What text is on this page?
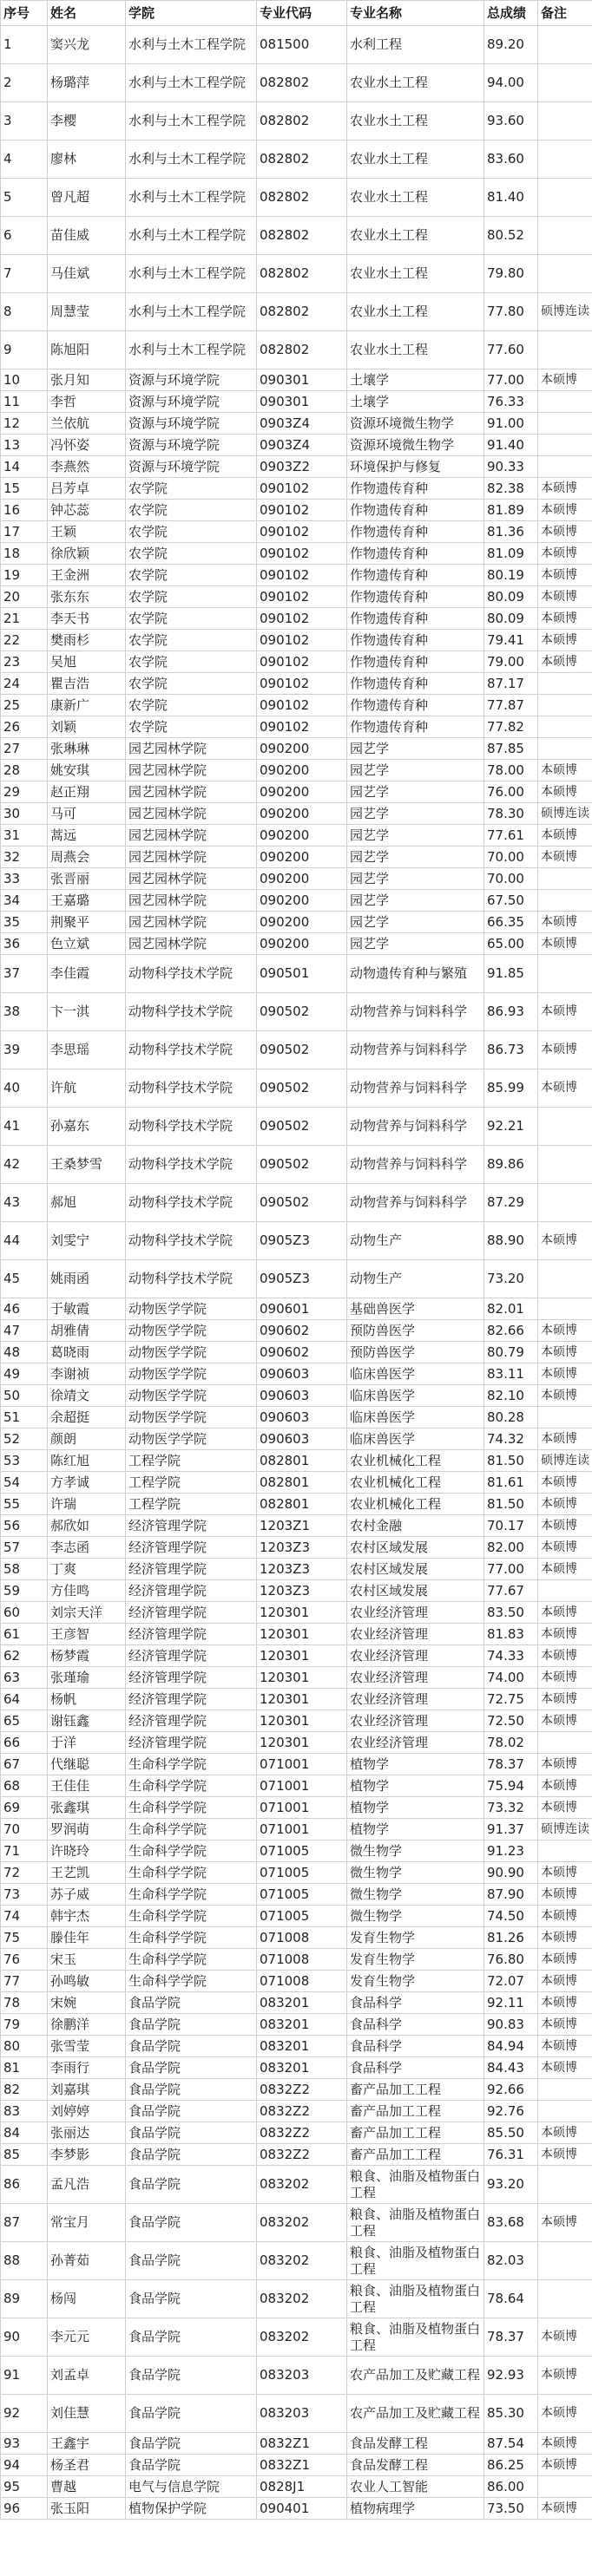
序号	姓名	学院	专业代码	专业名称	总成绩	备注
1	窦兴龙	水利与土木工程学院	081500	水利工程	89.20	
2	杨璐萍	水利与土木工程学院	082802	农业水土工程	94.00	
3	李樱	水利与土木工程学院	082802	农业水土工程	93.60	
4	廖林	水利与土木工程学院	082802	农业水土工程	83.60	
5	曾凡超	水利与土木工程学院	082802	农业水土工程	81.40	
6	苗佳威	水利与土木工程学院	082802	农业水土工程	80.52	
7	马佳斌	水利与土木工程学院	082802	农业水土工程	79.80	
8	周慧莹	水利与土木工程学院	082802	农业水土工程	77.80	硕博连读
9	陈旭阳	水利与土木工程学院	082802	农业水土工程	77.60	
10	张月知	资源与环境学院	090301	土壤学	77.00	本硕博
11	李哲	资源与环境学院	090301	土壤学	76.33	
12	兰依航	资源与环境学院	0903Z4	资源环境微生物学	91.00	
13	冯怀姿	资源与环境学院	0903Z4	资源环境微生物学	91.40	
14	李燕然	资源与环境学院	0903Z2	环境保护与修复	90.33	
15	吕芳卓	农学院	090102	作物遗传育种	82.38	本硕博
16	钟芯蕊	农学院	090102	作物遗传育种	81.89	本硕博
17	王颖	农学院	090102	作物遗传育种	81.36	本硕博
18	徐欣颖	农学院	090102	作物遗传育种	81.09	本硕博
19	王金洲	农学院	090102	作物遗传育种	80.19	本硕博
20	张东东	农学院	090102	作物遗传育种	80.09	本硕博
21	李天书	农学院	090102	作物遗传育种	80.09	本硕博
22	樊雨杉	农学院	090102	作物遗传育种	79.41	本硕博
23	吴旭	农学院	090102	作物遗传育种	79.00	本硕博
24	瞿吉浩	农学院	090102	作物遗传育种	87.17	
25	康新广	农学院	090102	作物遗传育种	77.87	
26	刘颖	农学院	090102	作物遗传育种	77.82	
27	张琳琳	园艺园林学院	090200	园艺学	87.85	
28	姚安琪	园艺园林学院	090200	园艺学	78.00	本硕博
29	赵正翔	园艺园林学院	090200	园艺学	76.00	本硕博
30	马可	园艺园林学院	090200	园艺学	78.30	硕博连读
31	蒿远	园艺园林学院	090200	园艺学	77.61	本硕博
32	周燕会	园艺园林学院	090200	园艺学	70.00	本硕博
33	张晋丽	园艺园林学院	090200	园艺学	70.00	
34	王嘉璐	园艺园林学院	090200	园艺学	67.50	
35	荆聚平	园艺园林学院	090200	园艺学	66.35	本硕博
36	色立斌	园艺园林学院	090200	园艺学	65.00	本硕博
37	李佳霞	动物科学技术学院	090501	动物遗传育种与繁殖	91.85	
38	卞一淇	动物科学技术学院	090502	动物营养与饲料科学	86.93	本硕博
39	李思瑶	动物科学技术学院	090502	动物营养与饲料科学	86.73	本硕博
40	许航	动物科学技术学院	090502	动物营养与饲料科学	85.99	本硕博
41	孙嘉东	动物科学技术学院	090502	动物营养与饲料科学	92.21	
42	王桑梦雪	动物科学技术学院	090502	动物营养与饲料科学	89.86	
43	郝旭	动物科学技术学院	090502	动物营养与饲料科学	87.29	
44	刘雯宁	动物科学技术学院	0905Z3	动物生产	88.90	本硕博
45	姚雨函	动物科学技术学院	0905Z3	动物生产	73.20	
46	于敏霞	动物医学学院	090601	基础兽医学	82.01	
47	胡雅倩	动物医学学院	090602	预防兽医学	82.66	本硕博
48	葛晓雨	动物医学学院	090602	预防兽医学	80.79	本硕博
49	李谢祯	动物医学学院	090603	临床兽医学	83.11	本硕博
50	徐靖文	动物医学学院	090603	临床兽医学	82.10	本硕博
51	余超挺	动物医学学院	090603	临床兽医学	80.28	
52	颜朗	动物医学学院	090603	临床兽医学	74.32	本硕博
53	陈红旭	工程学院	082801	农业机械化工程	81.50	硕博连读
54	方孝诚	工程学院	082801	农业机械化工程	81.61	本硕博
55	许瑞	工程学院	082801	农业机械化工程	81.50	本硕博
56	郝欣如	经济管理学院	1203Z1	农村金融	70.17	本硕博
57	李志函	经济管理学院	1203Z3	农村区域发展	82.00	本硕博
58	丁爽	经济管理学院	1203Z3	农村区域发展	77.00	本硕博
59	方佳鸣	经济管理学院	1203Z3	农村区域发展	77.67	
60	刘宗天洋	经济管理学院	120301	农业经济管理	83.50	本硕博
61	王彦智	经济管理学院	120301	农业经济管理	81.83	本硕博
62	杨梦霞	经济管理学院	120301	农业经济管理	74.33	本硕博
63	张瑾瑜	经济管理学院	120301	农业经济管理	74.00	本硕博
64	杨帆	经济管理学院	120301	农业经济管理	72.75	本硕博
65	谢钰鑫	经济管理学院	120301	农业经济管理	72.50	本硕博
66	于洋	经济管理学院	120301	农业经济管理	78.02	
67	代继聪	生命科学学院	071001	植物学	78.37	本硕博
68	王佳佳	生命科学学院	071001	植物学	75.94	本硕博
69	张鑫琪	生命科学学院	071001	植物学	73.32	本硕博
70	罗润萌	生命科学学院	071001	植物学	91.37	硕博连读
71	许晓玲	生命科学学院	071005	微生物学	91.23	
72	王艺凯	生命科学学院	071005	微生物学	90.90	本硕博
73	苏子威	生命科学学院	071005	微生物学	87.90	本硕博
74	韩宇杰	生命科学学院	071005	微生物学	74.50	本硕博
75	滕佳年	生命科学学院	071008	发育生物学	81.26	本硕博
76	宋玉	生命科学学院	071008	发育生物学	76.80	本硕博
77	孙鸣敏	生命科学学院	071008	发育生物学	72.07	本硕博
78	宋婉	食品学院	083201	食品科学	92.11	本硕博
79	徐鹏洋	食品学院	083201	食品科学	90.83	本硕博
80	张雪莹	食品学院	083201	食品科学	84.94	本硕博
81	李雨行	食品学院	083201	食品科学	84.43	本硕博
82	刘嘉琪	食品学院	0832Z2	畜产品加工工程	92.66	
83	刘婷婷	食品学院	0832Z2	畜产品加工工程	92.76	
84	张丽达	食品学院	0832Z2	畜产品加工工程	85.50	本硕博
85	李梦影	食品学院	0832Z2	畜产品加工工程	76.31	本硕博
86	孟凡浩	食品学院	083202	粮食、油脂及植物蛋白工程	93.20	
87	常宝月	食品学院	083202	粮食、油脂及植物蛋白工程	83.68	本硕博
88	孙菁茹	食品学院	083202	粮食、油脂及植物蛋白工程	82.03	
89	杨闯	食品学院	083202	粮食、油脂及植物蛋白工程	78.64	
90	李元元	食品学院	083202	粮食、油脂及植物蛋白工程	78.37	本硕博
91	刘孟卓	食品学院	083203	农产品加工及贮藏工程	92.93	本硕博
92	刘佳慧	食品学院	083203	农产品加工及贮藏工程	85.30	本硕博
93	王鑫宇	食品学院	0832Z1	食品发酵工程	87.54	本硕博
94	杨圣君	食品学院	0832Z1	食品发酵工程	86.25	本硕博
95	曹越	电气与信息学院	0828J1	农业人工智能	86.00	
96	张玉阳	植物保护学院	090401	植物病理学	73.50	本硕博
